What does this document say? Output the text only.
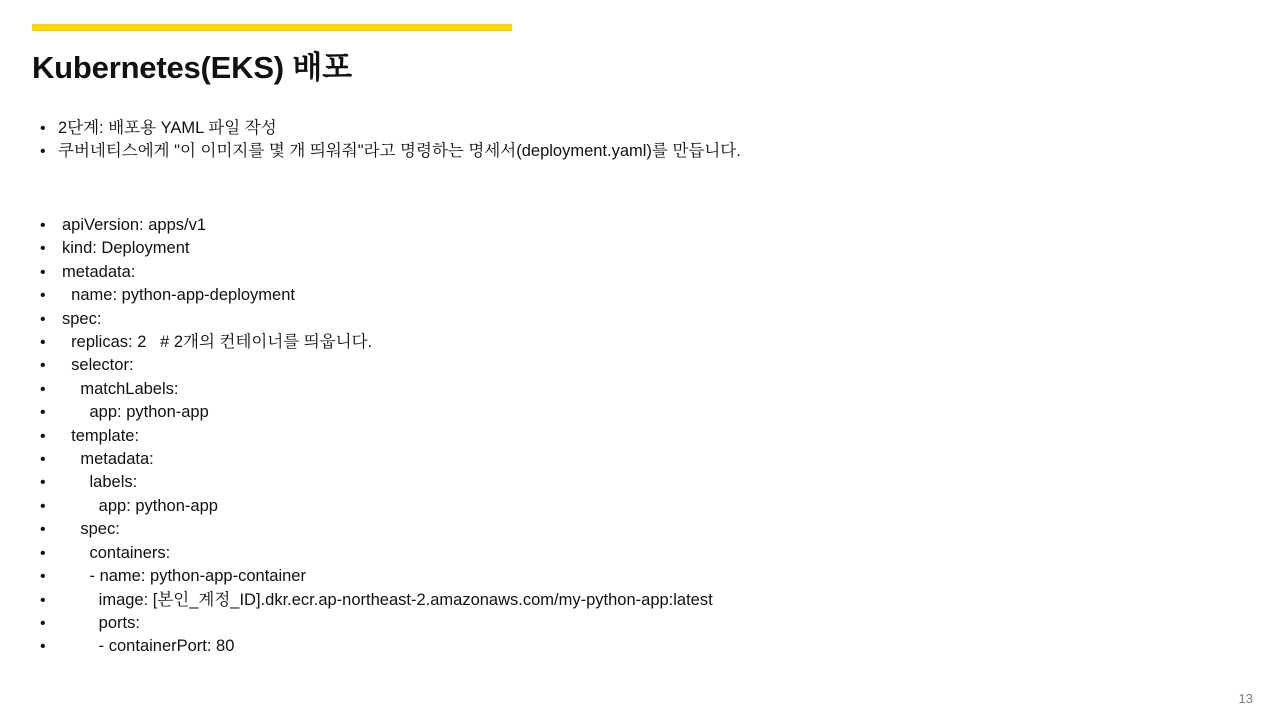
Kubernetes(EKS) 배포
• 2단계: 배포용 YAML 파일 작성
• 쿠버네티스에게 "이 이미지를 몇 개 띄워줘"라고 명령하는 명세서(deployment.yaml)를 만듭니다.
• apiVersion: apps/v1
• kind: Deployment
• metadata:
• name: python-app-deployment
• spec:
• replicas: 2   # 2개의 컨테이너를 띄웁니다.
• selector:
• matchLabels:
• app: python-app
• template:
• metadata:
• labels:
• app: python-app
• spec:
• containers:
• - name: python-app-container
• image: [본인_계정_ID].dkr.ecr.ap-northeast-2.amazonaws.com/my-python-app:latest
• ports:
• - containerPort: 80
13
